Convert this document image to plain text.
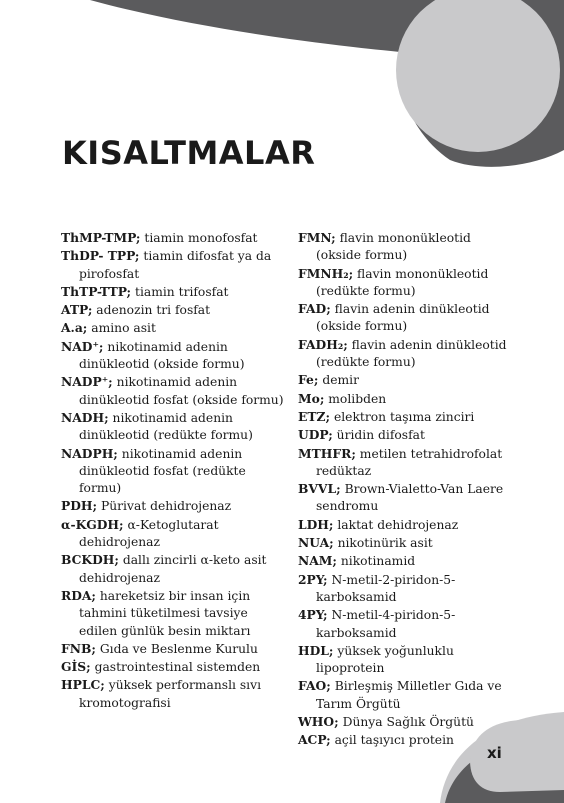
KISALTMALAR
ThMP-TMP; tiamin monofosfat
ThDP- TPP; tiamin difosfat ya da pirofosfat
ThTP-TTP; tiamin trifosfat
ATP; adenozin tri fosfat
A.a; amino asit
NAD⁺; nikotinamid adenin dinükleotid (okside formu)
NADP⁺; nikotinamid adenin dinükleotid fosfat (okside formu)
NADH; nikotinamid adenin dinükleotid (redükte formu)
NADPH; nikotinamid adenin dinükleotid fosfat (redükte formu)
PDH; Pürivat dehidrojenaz
α-KGDH; α-Ketoglutarat dehidrojenaz
BCKDH; dallı zincirli α-keto asit dehidrojenaz
RDA; hareketsiz bir insan için tahmini tüketilmesi tavsiye edilen günlük besin miktarı
FNB; Gıda ve Beslenme Kurulu
GİS; gastrointestinal sistemden
HPLC; yüksek performanslı sıvı kromotografisi
FMN; flavin mononükleotid (okside formu)
FMNH₂; flavin mononükleotid (redükte formu)
FAD; flavin adenin dinükleotid (okside formu)
FADH₂; flavin adenin dinükleotid (redükte formu)
Fe; demir
Mo; molibden
ETZ; elektron taşıma zinciri
UDP; üridin difosfat
MTHFR; metilen tetrahidrofolat redüktaz
BVVL; Brown-Vialetto-Van Laere sendromu
LDH; laktat dehidrojenaz
NUA; nikotinürik asit
NAM; nikotinamid
2PY; N-metil-2-piridon-5-karboksamid
4PY; N-metil-4-piridon-5-karboksamid
HDL; yüksek yoğunluklu lipoprotein
FAO; Birleşmiş Milletler Gıda ve Tarım Örgütü
WHO; Dünya Sağlık Örgütü
ACP; açil taşıyıcı protein
xi
